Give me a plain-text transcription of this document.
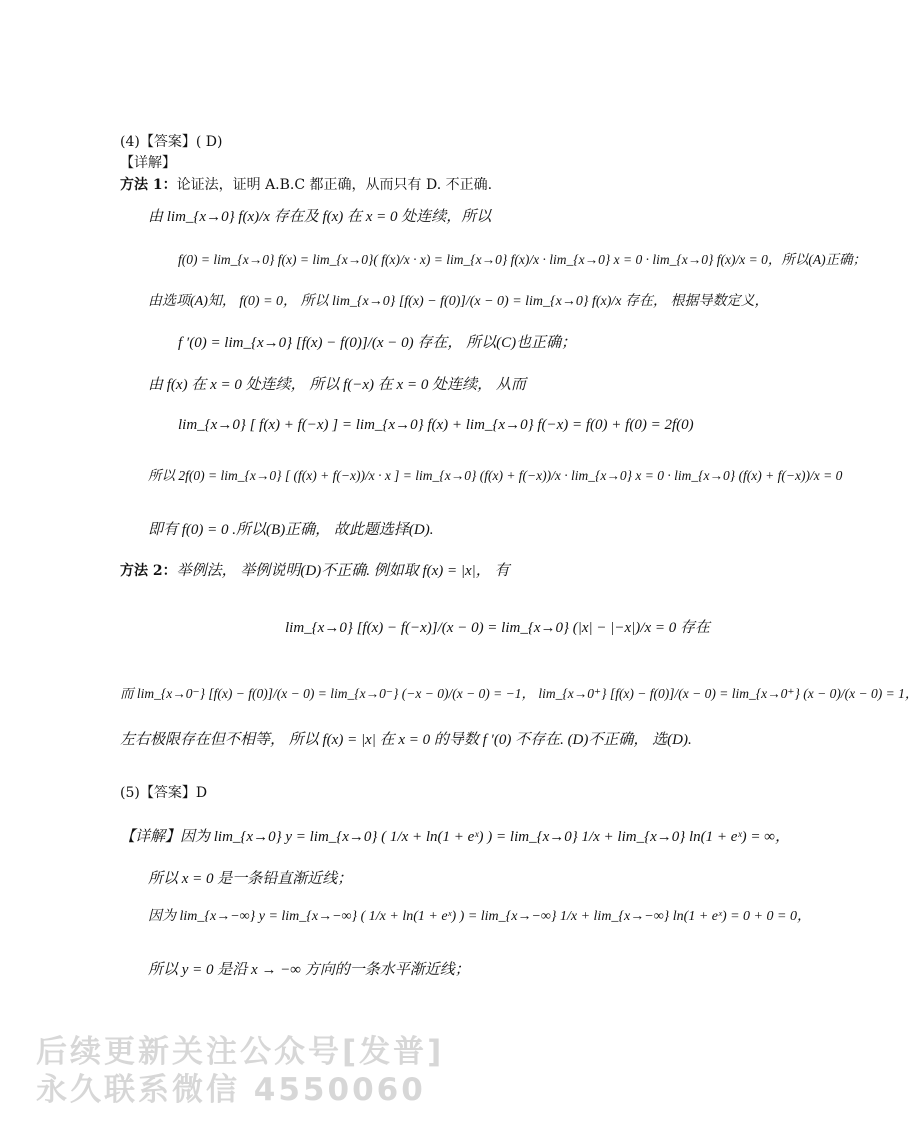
(4)【答案】( D)
【详解】
方法 1：论证法，证明 A.B.C 都正确，从而只有 D. 不正确.
由 lim_{x→0} f(x)/x 存在及 f(x) 在 x = 0 处连续，所以
f(0) = lim_{x→0} f(x) = lim_{x→0}( f(x)/x · x) = lim_{x→0} f(x)/x · lim_{x→0} x = 0 · lim_{x→0} f(x)/x = 0，所以(A)正确；
由选项(A)知， f(0) = 0， 所以 lim_{x→0} [f(x) − f(0)]/(x − 0) = lim_{x→0} f(x)/x 存在， 根据导数定义，
f ′(0) = lim_{x→0} [f(x) − f(0)]/(x − 0) 存在， 所以(C)也正确；
由 f(x) 在 x = 0 处连续， 所以 f(−x) 在 x = 0 处连续， 从而
lim_{x→0} [ f(x) + f(−x) ] = lim_{x→0} f(x) + lim_{x→0} f(−x) = f(0) + f(0) = 2f(0)
所以 2f(0) = lim_{x→0} [ (f(x) + f(−x))/x · x ] = lim_{x→0} (f(x) + f(−x))/x · lim_{x→0} x = 0 · lim_{x→0} (f(x) + f(−x))/x = 0
即有 f(0) = 0 .所以(B)正确， 故此题选择(D).
方法 2：举例法， 举例说明(D)不正确. 例如取 f(x) = |x|， 有
lim_{x→0} [f(x) − f(−x)]/(x − 0) = lim_{x→0} (|x| − |−x|)/x = 0 存在
而 lim_{x→0⁻} [f(x) − f(0)]/(x − 0) = lim_{x→0⁻} (−x − 0)/(x − 0) = −1， lim_{x→0⁺} [f(x) − f(0)]/(x − 0) = lim_{x→0⁺} (x − 0)/(x − 0) = 1，
左右极限存在但不相等， 所以 f(x) = |x| 在 x = 0 的导数 f ′(0) 不存在. (D)不正确， 选(D).
(5)【答案】D
【详解】因为 lim_{x→0} y = lim_{x→0} ( 1/x + ln(1 + eˣ) ) = lim_{x→0} 1/x + lim_{x→0} ln(1 + eˣ) = ∞，
所以 x = 0 是一条铅直渐近线；
因为 lim_{x→−∞} y = lim_{x→−∞} ( 1/x + ln(1 + eˣ) ) = lim_{x→−∞} 1/x + lim_{x→−∞} ln(1 + eˣ) = 0 + 0 = 0，
所以 y = 0 是沿 x → −∞ 方向的一条水平渐近线；
后续更新关注公众号[发普]
永久联系微信 4550060
